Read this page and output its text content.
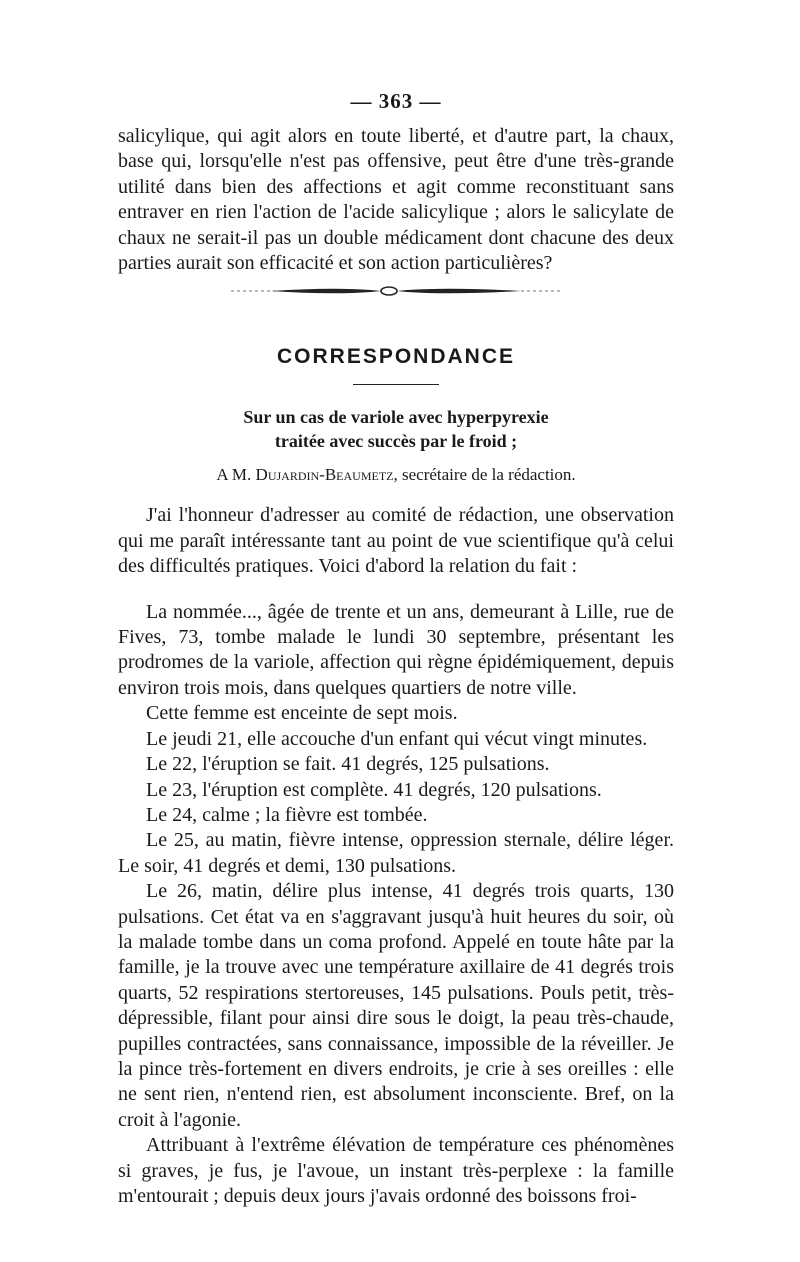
— 363 —

salicylique, qui agit alors en toute liberté, et d'autre part, la chaux, base qui, lorsqu'elle n'est pas offensive, peut être d'une très-grande utilité dans bien des affections et agit comme reconstituant sans entraver en rien l'action de l'acide salicylique ; alors le salicylate de chaux ne serait-il pas un double médicament dont chacune des deux parties aurait son efficacité et son action particulières?

CORRESPONDANCE
Sur un cas de variole avec hyperpyrexie
traitée avec succès par le froid ;
A M. Dujardin-Beaumetz, secrétaire de la rédaction.

J'ai l'honneur d'adresser au comité de rédaction, une observation qui me paraît intéressante tant au point de vue scientifique qu'à celui des difficultés pratiques. Voici d'abord la relation du fait :

La nommée..., âgée de trente et un ans, demeurant à Lille, rue de Fives, 73, tombe malade le lundi 30 septembre, présentant les prodromes de la variole, affection qui règne épidémiquement, depuis environ trois mois, dans quelques quartiers de notre ville.

Cette femme est enceinte de sept mois.

Le jeudi 21, elle accouche d'un enfant qui vécut vingt minutes.

Le 22, l'éruption se fait. 41 degrés, 125 pulsations.

Le 23, l'éruption est complète. 41 degrés, 120 pulsations.

Le 24, calme ; la fièvre est tombée.

Le 25, au matin, fièvre intense, oppression sternale, délire léger. Le soir, 41 degrés et demi, 130 pulsations.

Le 26, matin, délire plus intense, 41 degrés trois quarts, 130 pulsations. Cet état va en s'aggravant jusqu'à huit heures du soir, où la malade tombe dans un coma profond. Appelé en toute hâte par la famille, je la trouve avec une température axillaire de 41 degrés trois quarts, 52 respirations stertoreuses, 145 pulsations. Pouls petit, très-dépressible, filant pour ainsi dire sous le doigt, la peau très-chaude, pupilles contractées, sans connaissance, impossible de la réveiller. Je la pince très-fortement en divers endroits, je crie à ses oreilles : elle ne sent rien, n'entend rien, est absolument inconsciente. Bref, on la croit à l'agonie.

Attribuant à l'extrême élévation de température ces phénomènes si graves, je fus, je l'avoue, un instant très-perplexe : la famille m'entourait ; depuis deux jours j'avais ordonné des boissons froi-
